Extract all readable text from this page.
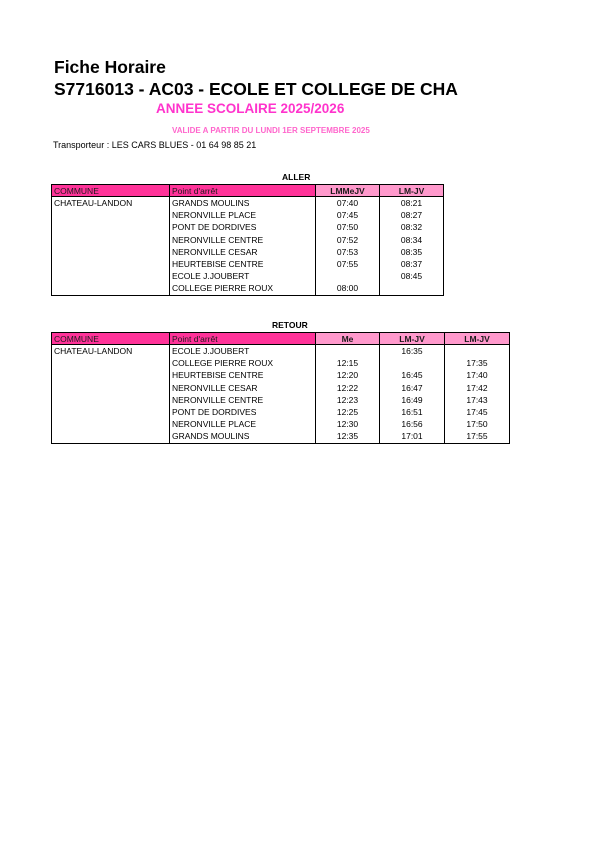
Fiche Horaire
S7716013 - AC03 - ECOLE ET COLLEGE DE CHA
ANNEE SCOLAIRE 2025/2026
VALIDE A PARTIR DU LUNDI 1ER SEPTEMBRE 2025
Transporteur : LES CARS BLUES - 01 64 98 85 21
ALLER
COMMUNE	Point d'arrêt	LMMeJV	LM-JV
CHATEAU-LANDON	GRANDS MOULINS	07:40	08:21
	NERONVILLE PLACE	07:45	08:27
	PONT DE DORDIVES	07:50	08:32
	NERONVILLE CENTRE	07:52	08:34
	NERONVILLE CESAR	07:53	08:35
	HEURTEBISE CENTRE	07:55	08:37
	ECOLE J.JOUBERT		08:45
	COLLEGE PIERRE ROUX	08:00	
RETOUR
COMMUNE	Point d'arrêt	Me	LM-JV	LM-JV
CHATEAU-LANDON	ECOLE J.JOUBERT		16:35	
	COLLEGE PIERRE ROUX	12:15		17:35
	HEURTEBISE CENTRE	12:20	16:45	17:40
	NERONVILLE CESAR	12:22	16:47	17:42
	NERONVILLE CENTRE	12:23	16:49	17:43
	PONT DE DORDIVES	12:25	16:51	17:45
	NERONVILLE PLACE	12:30	16:56	17:50
	GRANDS MOULINS	12:35	17:01	17:55
